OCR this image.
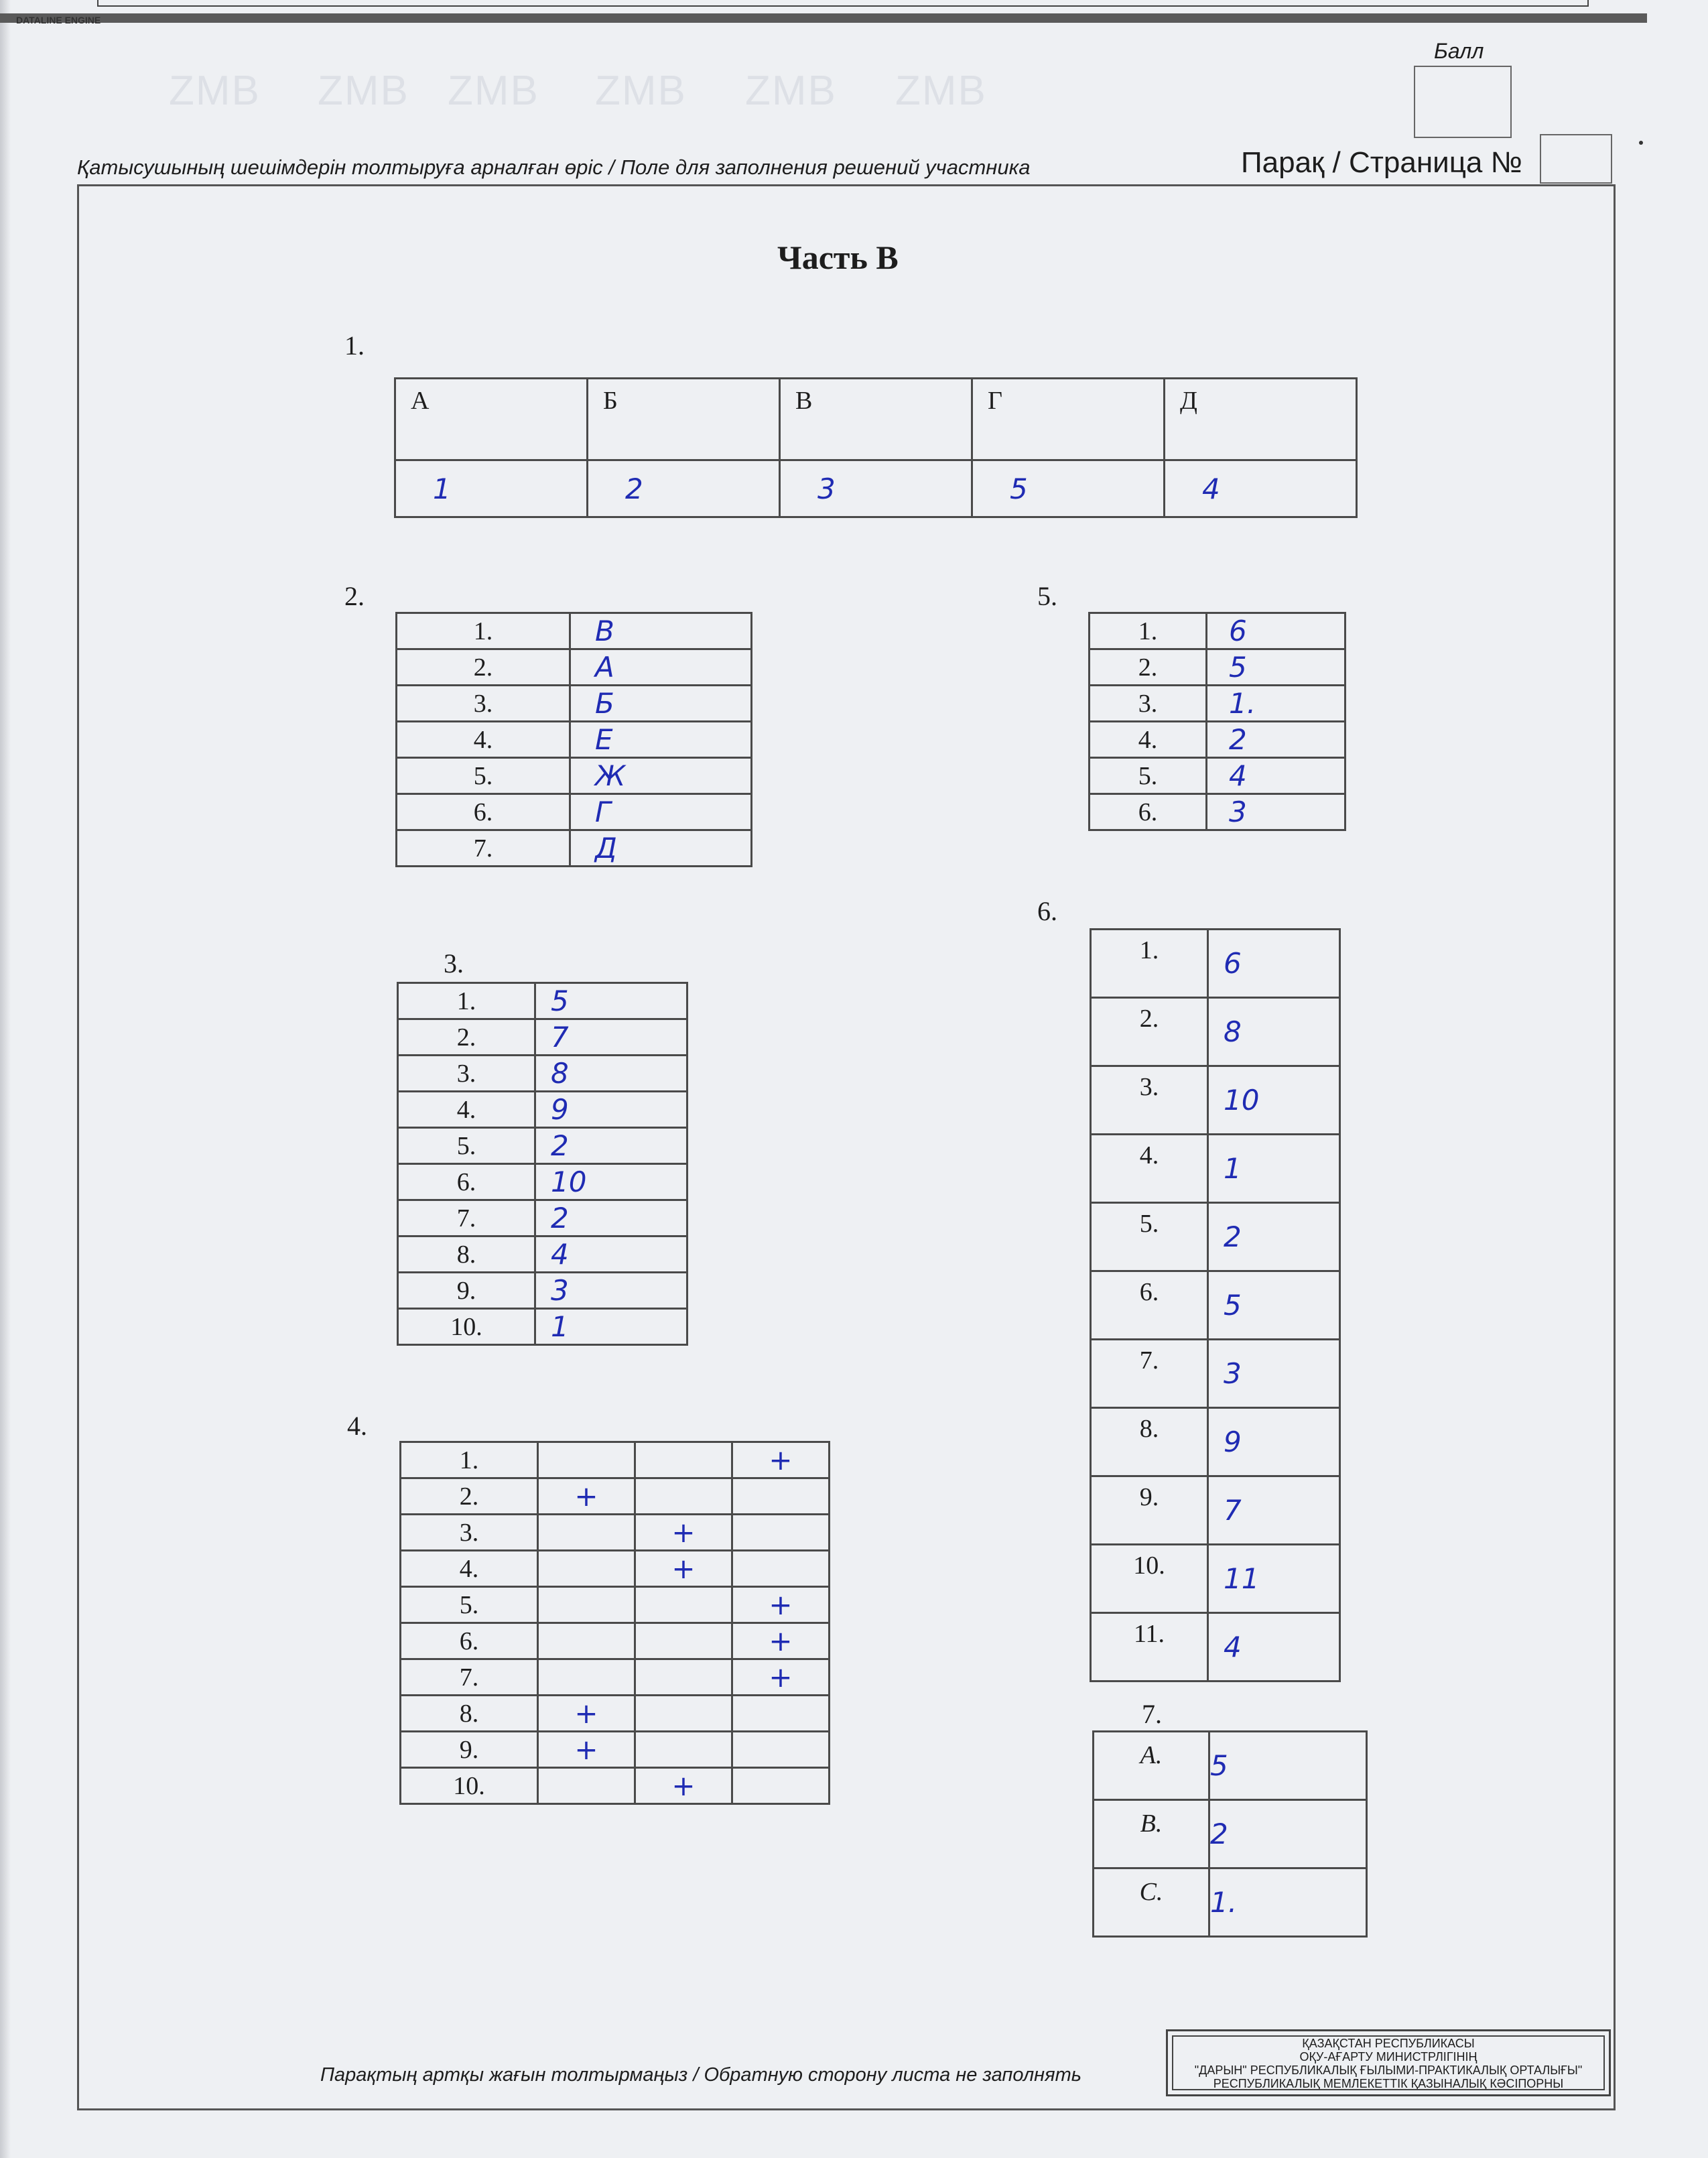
DATALINE ENGINE
ZMB ZMB ZMB ZMB ZMB ZMB
Балл
Қатысушының шешімдерін толтыруға арналған өріс / Поле для заполнения решений участника	Парақ / Страница №
Часть B
1.
А	Б	В	Г	Д
1	2	3	5	4
2.
1.	В
2.	А
3.	Б
4.	Е
5.	Ж
6.	Г
7.	Д
3.
1.	5
2.	7
3.	8
4.	9
5.	2
6.	10
7.	2
8.	4
9.	3
10.	1
4.
1.			+
2.	+		
3.		+	
4.		+	
5.			+
6.			+
7.			+
8.	+		
9.	+		
10.		+	
5.
1.	6
2.	5
3.	1.
4.	2
5.	4
6.	3
6.
1.	6
2.	8
3.	10
4.	1
5.	2
6.	5
7.	3
8.	9
9.	7
10.	11
11.	4
7.
A.	5
B.	2
C.	1.
Парақтың артқы жағын толтырмаңыз / Обратную сторону листа не заполнять
ҚАЗАҚСТАН РЕСПУБЛИКАСЫ
ОҚУ-АҒАРТУ МИНИСТРЛІГІНІҢ
"ДАРЫН" РЕСПУБЛИКАЛЫҚ ҒЫЛЫМИ-ПРАКТИКАЛЫҚ ОРТАЛЫҒЫ"
РЕСПУБЛИКАЛЫҚ МЕМЛЕКЕТТІК ҚАЗЫНАЛЫҚ КӘСІПОРНЫ
